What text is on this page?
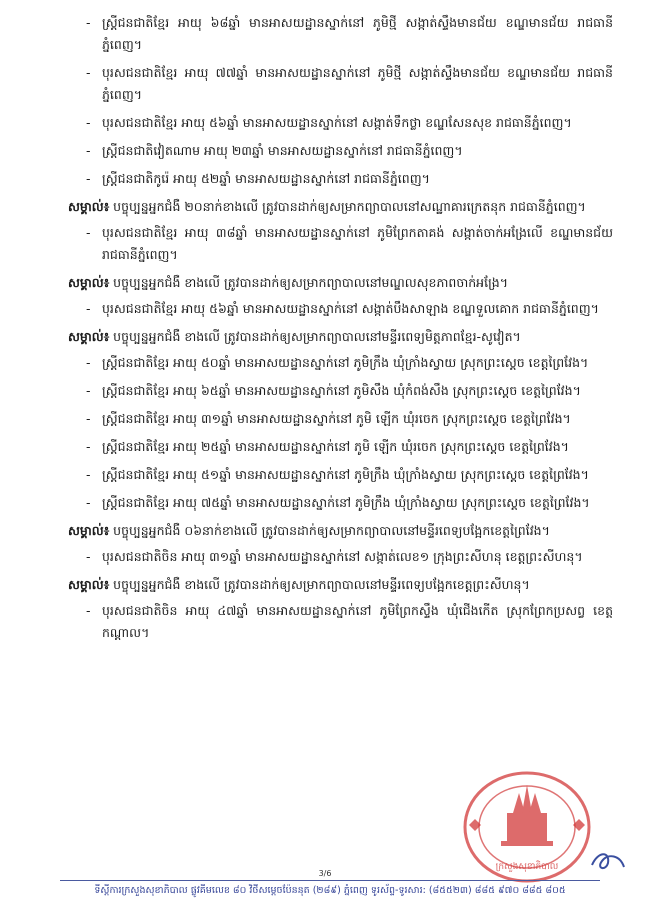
- ស្ត្រីជនជាតិខ្មែរ អាយុ ៦៨ឆ្នាំ មានអាសយដ្ឋានស្នាក់នៅ ភូមិថ្មី សង្កាត់ស្ទឹងមានជ័យ ខណ្ឌមានជ័យ រាជធានីភ្នំពេញ។
- បុរសជនជាតិខ្មែរ អាយុ ៧៧ឆ្នាំ មានអាសយដ្ឋានស្នាក់នៅ ភូមិថ្មី សង្កាត់ស្ទឹងមានជ័យ ខណ្ឌមានជ័យ រាជធានីភ្នំពេញ។
- បុរសជនជាតិខ្មែរ អាយុ ៥៦ឆ្នាំ មានអាសយដ្ឋានស្នាក់នៅ សង្កាត់ទឹកថ្លា ខណ្ឌសែនសុខ រាជធានីភ្នំពេញ។
- ស្ត្រីជនជាតិវៀតណាម អាយុ ២៣ឆ្នាំ មានអាសយដ្ឋានស្នាក់នៅ រាជធានីភ្នំពេញ។
- ស្ត្រីជនជាតិកូរ៉េ អាយុ ៥២ឆ្នាំ មានអាសយដ្ឋានស្នាក់នៅ រាជធានីភ្នំពេញ។

សម្គាល់៖ បច្ចុប្បន្នអ្នកជំងឺ ២០នាក់ខាងលើ ត្រូវបានដាក់ឲ្យសម្រាកព្យាបាលនៅសណ្ឋាគារក្រេតនុក រាជធានីភ្នំពេញ។

- បុរសជនជាតិខ្មែរ អាយុ ៣៨ឆ្នាំ មានអាសយដ្ឋានស្នាក់នៅ ភូមិព្រែកតាគង់ សង្កាត់ចាក់អង្រែលើ ខណ្ឌមានជ័យ រាជធានីភ្នំពេញ។

សម្គាល់៖ បច្ចុប្បន្នអ្នកជំងឺ ខាងលើ ត្រូវបានដាក់ឲ្យសម្រាកព្យាបាលនៅមណ្ឌលសុខភាពចាក់អង្រែ។

- បុរសជនជាតិខ្មែរ អាយុ ៥៦ឆ្នាំ មានអាសយដ្ឋានស្នាក់នៅ សង្កាត់បឹងសាឡាង ខណ្ឌទួលគោក រាជធានីភ្នំពេញ។

សម្គាល់៖ បច្ចុប្បន្នអ្នកជំងឺ ខាងលើ ត្រូវបានដាក់ឲ្យសម្រាកព្យាបាលនៅមន្ទីរពេទ្យមិត្តភាពខ្មែរ-សូវៀត។

- ស្ត្រីជនជាតិខ្មែរ អាយុ ៥០ឆ្នាំ មានអាសយដ្ឋានស្នាក់នៅ ភូមិក្រឹង ឃុំក្រាំងស្វាយ ស្រុកព្រះស្ដេច ខេត្តព្រៃវែង។
- ស្ត្រីជនជាតិខ្មែរ អាយុ ៦៥ឆ្នាំ មានអាសយដ្ឋានស្នាក់នៅ ភូមិសឹង ឃុំកំពង់សឹង ស្រុកព្រះស្ដេច ខេត្តព្រៃវែង។
- ស្ត្រីជនជាតិខ្មែរ អាយុ ៣១ឆ្នាំ មានអាសយដ្ឋានស្នាក់នៅ ភូមិ ឡើក ឃុំរចេក ស្រុកព្រះស្ដេច ខេត្តព្រៃវែង។
- ស្ត្រីជនជាតិខ្មែរ អាយុ ២៥ឆ្នាំ មានអាសយដ្ឋានស្នាក់នៅ ភូមិ ឡើក ឃុំរចេក ស្រុកព្រះស្ដេច ខេត្តព្រៃវែង។
- ស្ត្រីជនជាតិខ្មែរ អាយុ ៥១ឆ្នាំ មានអាសយដ្ឋានស្នាក់នៅ ភូមិក្រឹង ឃុំក្រាំងស្វាយ ស្រុកព្រះស្ដេច ខេត្តព្រៃវែង។
- ស្ត្រីជនជាតិខ្មែរ អាយុ ៧៥ឆ្នាំ មានអាសយដ្ឋានស្នាក់នៅ ភូមិក្រឹង ឃុំក្រាំងស្វាយ ស្រុកព្រះស្ដេច ខេត្តព្រៃវែង។

សម្គាល់៖ បច្ចុប្បន្នអ្នកជំងឺ ០៦នាក់ខាងលើ ត្រូវបានដាក់ឲ្យសម្រាកព្យាបាលនៅមន្ទីរពេទ្យបង្អែកខេត្តព្រៃវែង។

- បុរសជនជាតិចិន អាយុ ៣១ឆ្នាំ មានអាសយដ្ឋានស្នាក់នៅ សង្កាត់លេខ១ ក្រុងព្រះសីហនុ ខេត្តព្រះសីហនុ។

សម្គាល់៖ បច្ចុប្បន្នអ្នកជំងឺ ខាងលើ ត្រូវបានដាក់ឲ្យសម្រាកព្យាបាលនៅមន្ទីរពេទ្យបង្អែកខេត្តព្រះសីហនុ។

- បុរសជនជាតិចិន អាយុ ៤៧ឆ្នាំ មានអាសយដ្ឋានស្នាក់នៅ ភូមិព្រែកស្ទឹង ឃុំជើងកើត ស្រុកព្រែកប្រសព្វ ខេត្តកណ្ដាល។
ក្រសួងសុខាភិបាល
3/6
ទីស្ដីការក្រសួងសុខាភិបាល ផ្លូវគីមលេខ ៨០ វិថីសម្ដេចប៉ែននុត (២៨៩) ភ្នំពេញ ទូរស័ព្ទ-ទូរសារ: (៨៥៥២៣) ៨៨៥ ៩៧០ ៨៨៥ ៨០៥
